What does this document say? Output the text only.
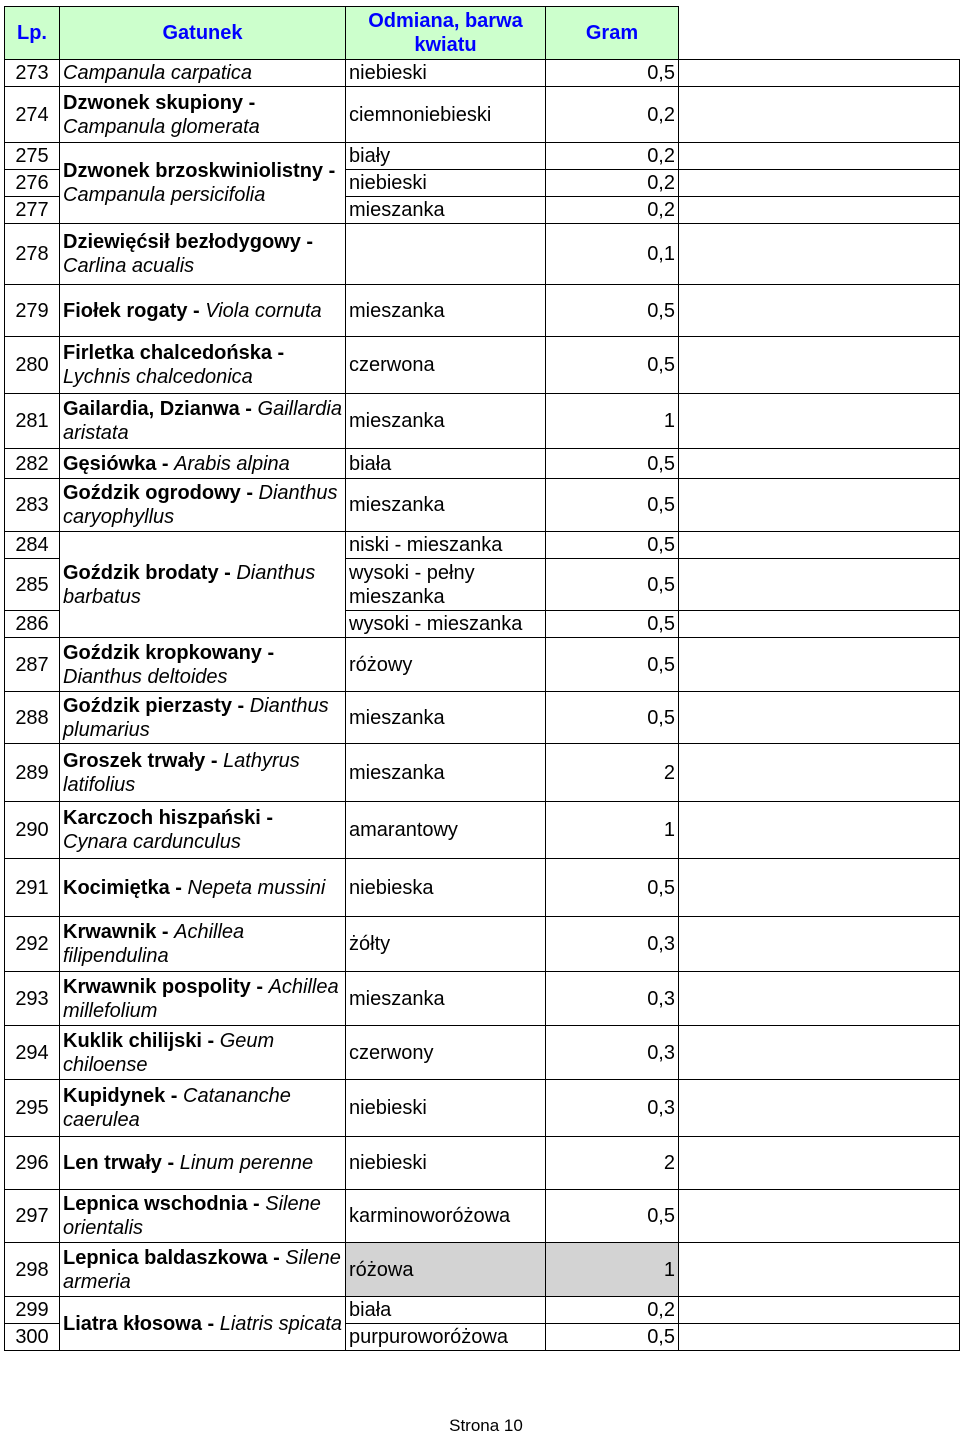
Lp.	Gatunek	Odmiana, barwa kwiatu	Gram	
273	Campanula carpatica	niebieski	0,5	
274	Dzwonek skupiony - Campanula glomerata	ciemnoniebieski	0,2	
275	Dzwonek brzoskwiniolistny - Campanula persicifolia	biały	0,2	
276		niebieski	0,2	
277		mieszanka	0,2	
278	Dziewięćsił bezłodygowy - Carlina acualis		0,1	
279	Fiołek rogaty - Viola cornuta	mieszanka	0,5	
280	Firletka chalcedońska - Lychnis chalcedonica	czerwona	0,5	
281	Gailardia, Dzianwa - Gaillardia aristata	mieszanka	1	
282	Gęsiówka - Arabis alpina	biała	0,5	
283	Goździk ogrodowy - Dianthus caryophyllus	mieszanka	0,5	
284	Goździk brodaty - Dianthus barbatus	niski - mieszanka	0,5	
285		wysoki - pełny mieszanka	0,5	
286		wysoki - mieszanka	0,5	
287	Goździk kropkowany - Dianthus deltoides	różowy	0,5	
288	Goździk pierzasty - Dianthus plumarius	mieszanka	0,5	
289	Groszek trwały - Lathyrus latifolius	mieszanka	2	
290	Karczoch hiszpański - Cynara cardunculus	amarantowy	1	
291	Kocimiętka - Nepeta mussini	niebieska	0,5	
292	Krwawnik - Achillea filipendulina	żółty	0,3	
293	Krwawnik pospolity - Achillea millefolium	mieszanka	0,3	
294	Kuklik chilijski - Geum chiloense	czerwony	0,3	
295	Kupidynek - Catananche caerulea	niebieski	0,3	
296	Len trwały - Linum perenne	niebieski	2	
297	Lepnica wschodnia - Silene orientalis	karminoworóżowa	0,5	
298	Lepnica baldaszkowa - Silene armeria	różowa	1	
299	Liatra kłosowa - Liatris spicata	biała	0,2	
300		purpuroworóżowa	0,5	
Strona 10
